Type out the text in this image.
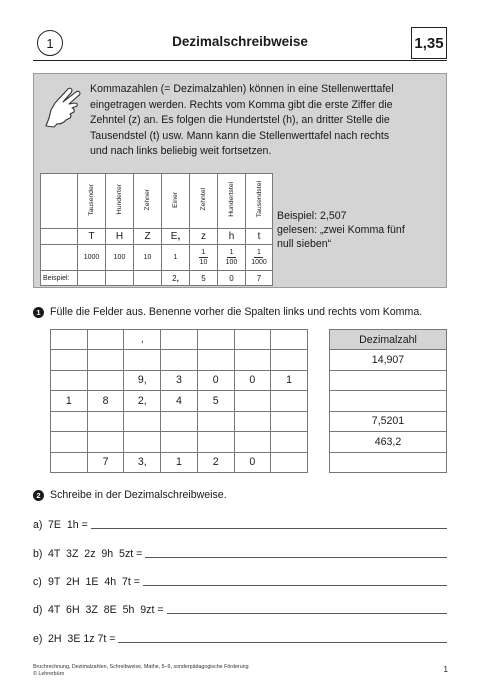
1	Dezimalschreibweise	1,35
Kommazahlen (= Dezimalzahlen) können in eine Stellenwerttafel
eingetragen werden. Rechts vom Komma gibt die erste Ziffer die
Zehntel (z) an. Es folgen die Hundertstel (h), an dritter Stelle die
Tausendstel (t) usw. Mann kann die Stellenwerttafel nach rechts
und nach links beliebig weit fortsetzen.
	Tausender	Hunderter	Zehner	Einer	Zehntel	Hundertstel	Tausendstel
	T	H	Z	E,	z	h	t
	1000	100	10	1	$\frac{1}{10}$	$\frac{1}{100}$	$\frac{1}{1000}$

Beispiel:				2,	5	0	7
Beispiel: 2,507
gelesen: „zwei Komma fünf
null sieben“
1 Fülle die Felder aus. Benenne vorher die Spalten links und rechts vom Komma.
		,				

		9,	3	0	0	1
1	8	2,	4	5		

	7	3,	1	2	0	
Dezimalzahl
14,907

7,5201
463,2

2 Schreibe in der Dezimalschreibweise.
a) 7E  1h =
b) 4T  3Z  2z  9h  5zt =
c) 9T  2H  1E  4h  7t =
d) 4T  6H  3Z  8E  5h  9zt =
e) 2H  3E 1z 7t =
Bruchrechnung, Dezimalzahlen, Schreibweise, Mathe, 5–9, sonderpädagogische Förderung
© Lehrerbüro	1
